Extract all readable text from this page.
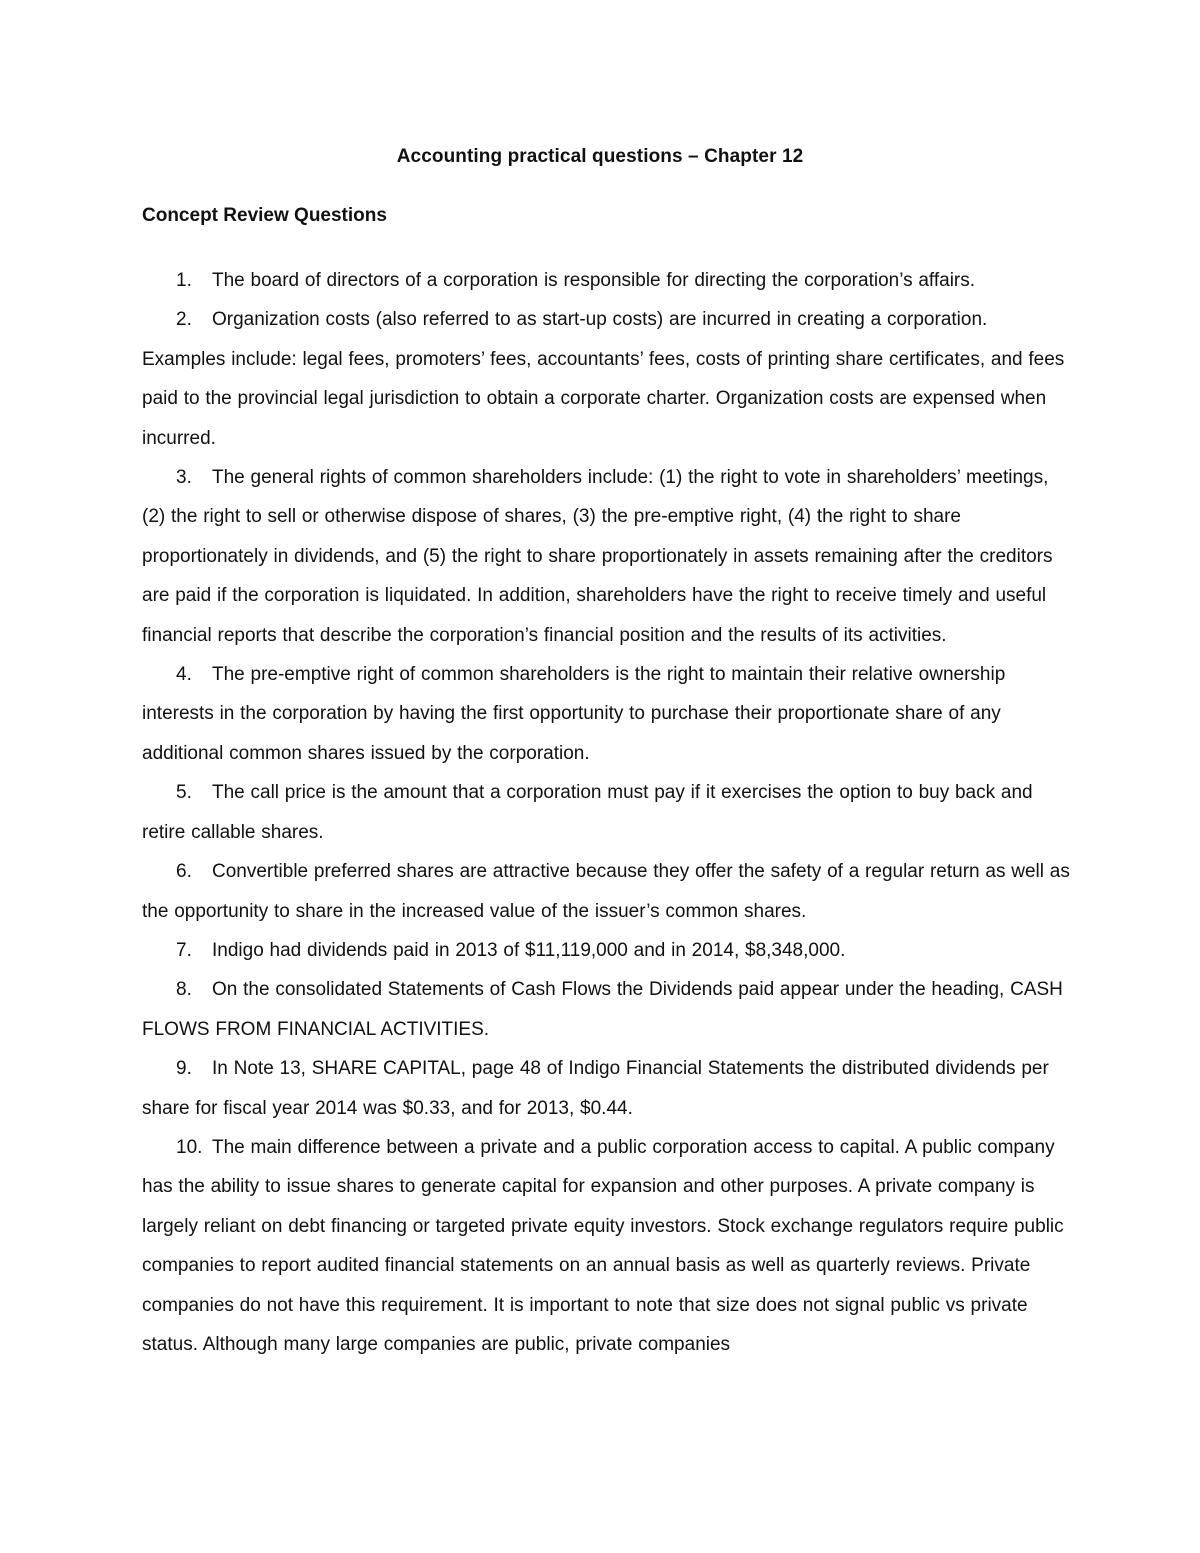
Accounting practical questions – Chapter 12
Concept Review Questions

1. The board of directors of a corporation is responsible for directing the corporation’s affairs.

2. Organization costs (also referred to as start-up costs) are incurred in creating a corporation. Examples include: legal fees, promoters’ fees, accountants’ fees, costs of printing share certificates, and fees paid to the provincial legal jurisdiction to obtain a corporate charter. Organization costs are expensed when incurred.

3. The general rights of common shareholders include: (1) the right to vote in shareholders’ meetings, (2) the right to sell or otherwise dispose of shares, (3) the pre-emptive right, (4) the right to share proportionately in dividends, and (5) the right to share proportionately in assets remaining after the creditors are paid if the corporation is liquidated. In addition, shareholders have the right to receive timely and useful financial reports that describe the corporation’s financial position and the results of its activities.

4. The pre-emptive right of common shareholders is the right to maintain their relative ownership interests in the corporation by having the first opportunity to purchase their proportionate share of any additional common shares issued by the corporation.

5. The call price is the amount that a corporation must pay if it exercises the option to buy back and retire callable shares.

6. Convertible preferred shares are attractive because they offer the safety of a regular return as well as the opportunity to share in the increased value of the issuer’s common shares.

7. Indigo had dividends paid in 2013 of $11,119,000 and in 2014, $8,348,000.

8. On the consolidated Statements of Cash Flows the Dividends paid appear under the heading, CASH FLOWS FROM FINANCIAL ACTIVITIES.

9. In Note 13, SHARE CAPITAL, page 48 of Indigo Financial Statements the distributed dividends per share for fiscal year 2014 was $0.33, and for 2013, $0.44.

10. The main difference between a private and a public corporation access to capital. A public company has the ability to issue shares to generate capital for expansion and other purposes. A private company is largely reliant on debt financing or targeted private equity investors. Stock exchange regulators require public companies to report audited financial statements on an annual basis as well as quarterly reviews. Private companies do not have this requirement. It is important to note that size does not signal public vs private status. Although many large companies are public, private companies
